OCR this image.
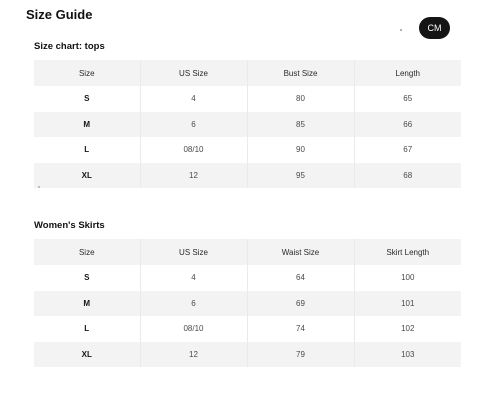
Size Guide
CM
Size chart: tops
Size	US Size	Bust Size	Length
S	4	80	65
M	6	85	66
L	08/10	90	67
XL	12	95	68
Women's Skirts
Size	US Size	Waist Size	Skirt Length
S	4	64	100
M	6	69	101
L	08/10	74	102
XL	12	79	103
